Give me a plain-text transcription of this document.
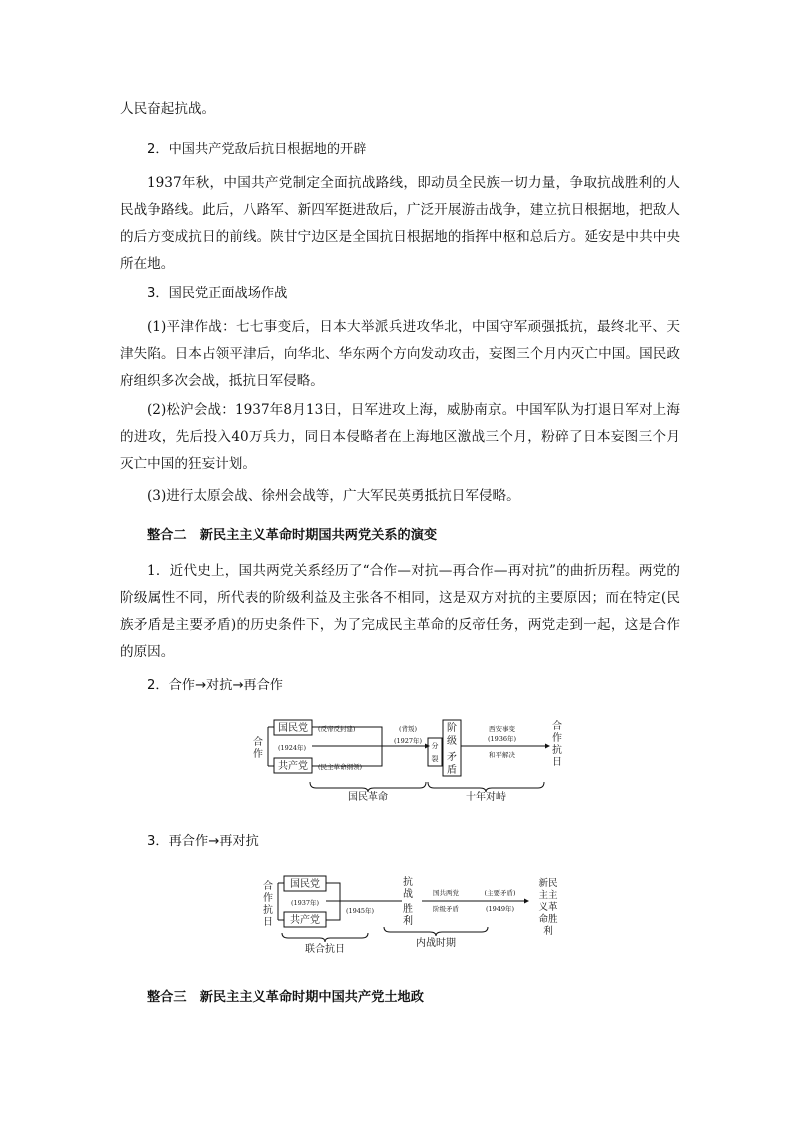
人民奋起抗战。

2．中国共产党敌后抗日根据地的开辟

1937年秋，中国共产党制定全面抗战路线，即动员全民族一切力量，争取抗战胜利的人民战争路线。此后，八路军、新四军挺进敌后，广泛开展游击战争，建立抗日根据地，把敌人的后方变成抗日的前线。陕甘宁边区是全国抗日根据地的指挥中枢和总后方。延安是中共中央所在地。

3．国民党正面战场作战

(1)平津作战：七七事变后，日本大举派兵进攻华北，中国守军顽强抵抗，最终北平、天津失陷。日本占领平津后，向华北、华东两个方向发动攻击，妄图三个月内灭亡中国。国民政府组织多次会战，抵抗日军侵略。

(2)松沪会战：1937年8月13日，日军进攻上海，威胁南京。中国军队为打退日军对上海的进攻，先后投入40万兵力，同日本侵略者在上海地区激战三个月，粉碎了日本妄图三个月灭亡中国的狂妄计划。

(3)进行太原会战、徐州会战等，广大军民英勇抵抗日军侵略。

整合二　新民主主义革命时期国共两党关系的演变

1．近代史上，国共两党关系经历了“合作—对抗—再合作—再对抗”的曲折历程。两党的阶级属性不同，所代表的阶级利益及主张各不相同，这是双方对抗的主要原因；而在特定(民族矛盾是主要矛盾)的历史条件下，为了完成民主革命的反帝任务，两党走到一起，这是合作的原因。

2．合作→对抗→再合作

合
作
国民党
共产党
(反帝反封建)
(1924年)
(民主革命纲领)
(背叛)
(1927年)
分
裂
阶
级
矛
盾
西安事变
(1936年)
和平解决
合
作
抗
日
国民革命	十年对峙

3．再合作→再对抗

合
作
抗
日
国民党
(1937年)
共产党
(1945年)
抗
战
胜
利
国共两党	(主要矛盾)
阶级矛盾	(1949年)
新民
主主
义革
命胜
利
联合抗日
内战时期

整合三　新民主主义革命时期中国共产党土地政
